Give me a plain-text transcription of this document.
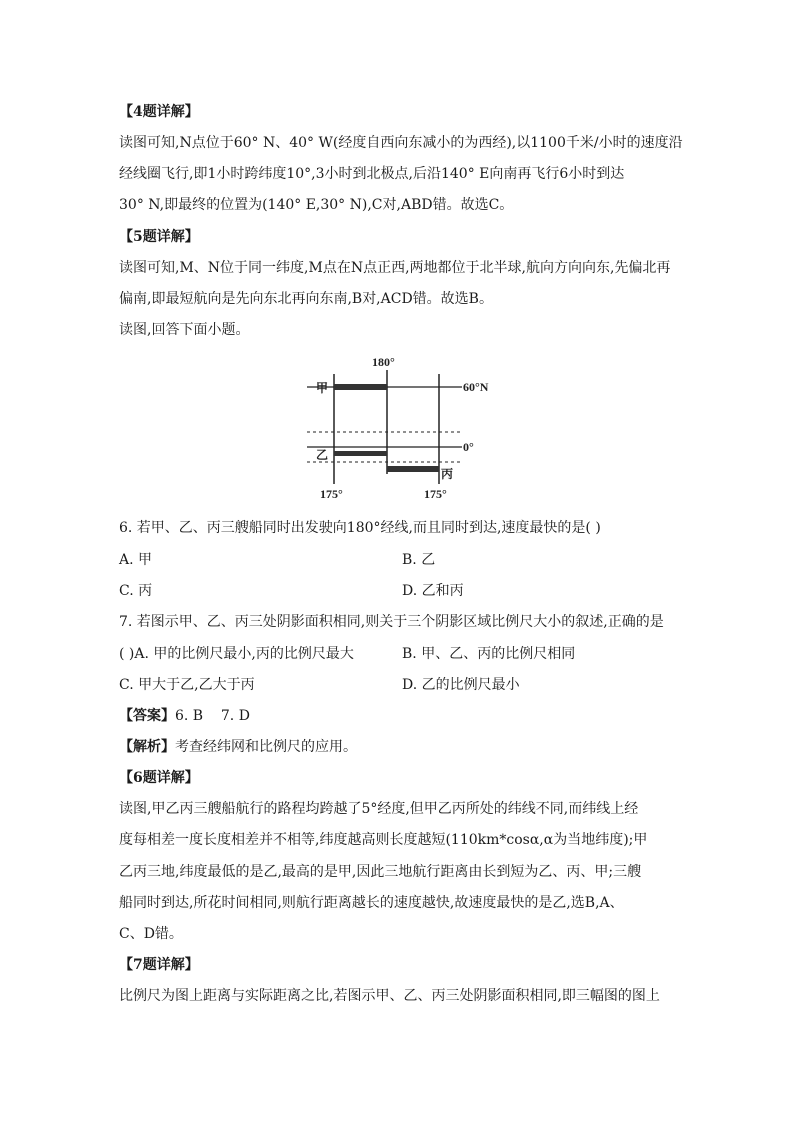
【4题详解】
读图可知,N点位于60° N、40° W(经度自西向东减小的为西经),以1100千米/小时的速度沿
经线圈飞行,即1小时跨纬度10°,3小时到北极点,后沿140° E向南再飞行6小时到达
30° N,即最终的位置为(140° E,30° N),C对,ABD错。故选C。
【5题详解】
读图可知,M、N位于同一纬度,M点在N点正西,两地都位于北半球,航向方向向东,先偏北再
偏南,即最短航向是先向东北再向东南,B对,ACD错。故选B。
读图,回答下面小题。
180°
60°N
0°
175°	175°
甲
乙
丙
6. 若甲、乙、丙三艘船同时出发驶向180°经线,而且同时到达,速度最快的是( )
A. 甲	B. 乙
C. 丙	D. 乙和丙
7. 若图示甲、乙、丙三处阴影面积相同,则关于三个阴影区域比例尺大小的叙述,正确的是
( )A. 甲的比例尺最小,丙的比例尺最大	B. 甲、乙、丙的比例尺相同
C. 甲大于乙,乙大于丙	D. 乙的比例尺最小
【答案】6. B    7. D
【解析】考查经纬网和比例尺的应用。
【6题详解】
读图,甲乙丙三艘船航行的路程均跨越了5°经度,但甲乙丙所处的纬线不同,而纬线上经
度每相差一度长度相差并不相等,纬度越高则长度越短(110km*cosα,α为当地纬度);甲
乙丙三地,纬度最低的是乙,最高的是甲,因此三地航行距离由长到短为乙、丙、甲;三艘
船同时到达,所花时间相同,则航行距离越长的速度越快,故速度最快的是乙,选B,A、
C、D错。
【7题详解】
比例尺为图上距离与实际距离之比,若图示甲、乙、丙三处阴影面积相同,即三幅图的图上
